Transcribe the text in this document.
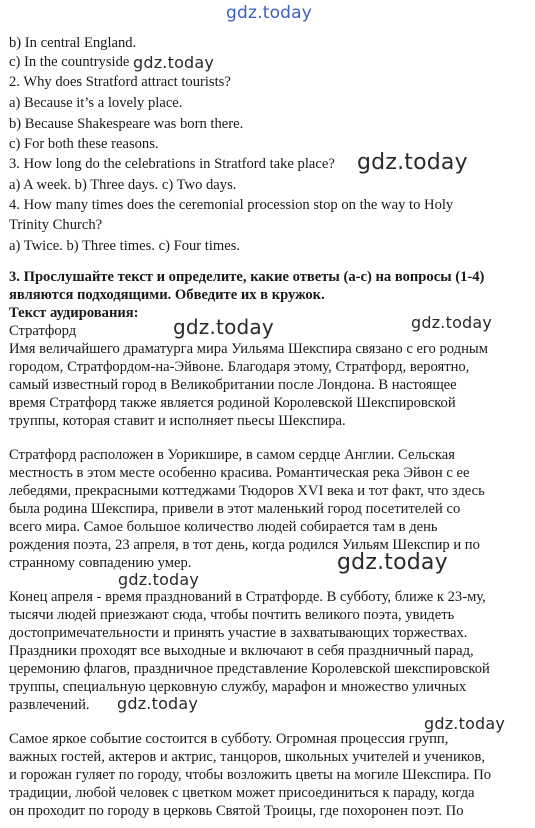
gdz.today
gdz.today
gdz.today
gdz.today	gdz.today
gdz.today
gdz.today
gdz.today
gdz.today
b) In central England.
c) In the countryside
2. Why does Stratford attract tourists?
a) Because it’s a lovely place.
b) Because Shakespeare was born there.
c) For both these reasons.
3. How long do the celebrations in Stratford take place?
a) A week. b) Three days. c) Two days.
4. How many times does the ceremonial procession stop on the way to Holy
Trinity Church?
a) Twice. b) Three times. c) Four times.
3. Прослушайте текст и определите, какие ответы (а-с) на вопросы (1-4)
являются подходящими. Обведите их в кружок.
Текст аудирования:
Стратфорд
Имя величайшего драматурга мира Уильяма Шекспира связано с его родным
городом, Стратфордом-на-Эйвоне. Благодаря этому, Стратфорд, вероятно,
самый известный город в Великобритании после Лондона. В настоящее
время Стратфорд также является родиной Королевской Шекспировской
труппы, которая ставит и исполняет пьесы Шекспира.
Стратфорд расположен в Уорикшире, в самом сердце Англии. Сельская
местность в этом месте особенно красива. Романтическая река Эйвон с ее
лебедями, прекрасными коттеджами Тюдоров XVI века и тот факт, что здесь
была родина Шекспира, привели в этот маленький город посетителей со
всего мира. Самое большое количество людей собирается там в день
рождения поэта, 23 апреля, в тот день, когда родился Уильям Шекспир и по
странному совпадению умер.
Конец апреля - время празднований в Стратфорде. В субботу, ближе к 23-му,
тысячи людей приезжают сюда, чтобы почтить великого поэта, увидеть
достопримечательности и принять участие в захватывающих торжествах.
Праздники проходят все выходные и включают в себя праздничный парад,
церемонию флагов, праздничное представление Королевской шекспировской
труппы, специальную церковную службу, марафон и множество уличных
развлечений.
Самое яркое событие состоится в субботу. Огромная процессия групп,
важных гостей, актеров и актрис, танцоров, школьных учителей и учеников,
и горожан гуляет по городу, чтобы возложить цветы на могиле Шекспира. По
традиции, любой человек с цветком может присоединиться к параду, когда
он проходит по городу в церковь Святой Троицы, где похоронен поэт. По
